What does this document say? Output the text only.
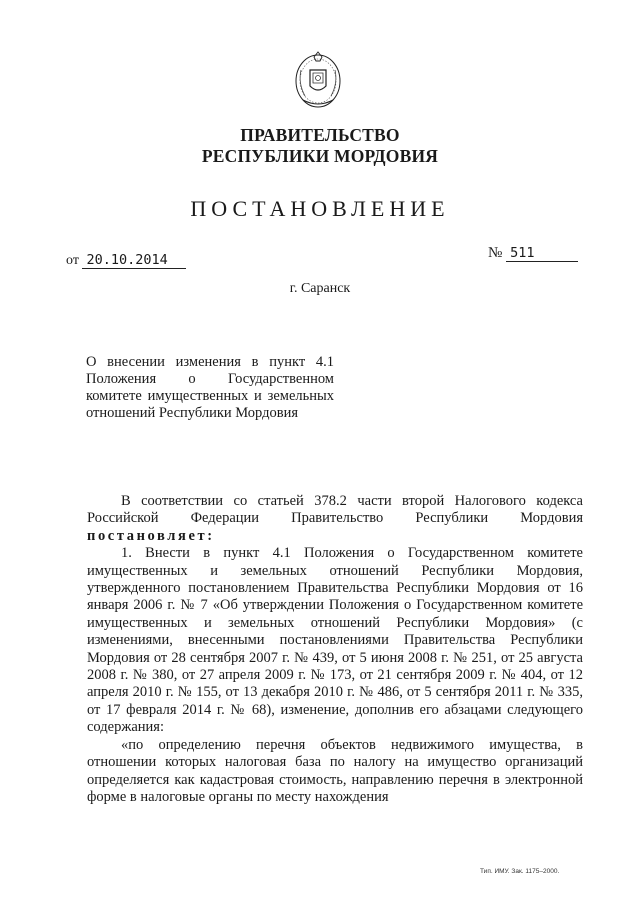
ПРАВИТЕЛЬСТВО
РЕСПУБЛИКИ МОРДОВИЯ
ПОСТАНОВЛЕНИЕ
от 20.10.2014	№ 511
г. Саранск
О внесении изменения в пункт 4.1 Положения о Государственном комитете имущественных и земельных отношений Республики Мордовия

В соответствии со статьей 378.2 части второй Налогового кодекса Российской Федерации Правительство Республики Мордовия постановляет:

1. Внести в пункт 4.1 Положения о Государственном комитете имущественных и земельных отношений Республики Мордовия, утвержденного постановлением Правительства Республики Мордовия от 16 января 2006 г. № 7 «Об утверждении Положения о Государственном комитете имущественных и земельных отношений Республики Мордовия» (с изменениями, внесенными постановлениями Правительства Республики Мордовия от 28 сентября 2007 г. № 439, от 5 июня 2008 г. № 251, от 25 августа 2008 г. № 380, от 27 апреля 2009 г. № 173, от 21 сентября 2009 г. № 404, от 12 апреля 2010 г. № 155, от 13 декабря 2010 г. № 486, от 5 сентября 2011 г. № 335, от 17 февраля 2014 г. № 68), изменение, дополнив его абзацами следующего содержания:

«по определению перечня объектов недвижимого имущества, в отношении которых налоговая база по налогу на имущество организаций определяется как кадастровая стоимость, направлению перечня в электронной форме в налоговые органы по месту нахождения

Тип. ИМУ. Зак. 1175–2000.
